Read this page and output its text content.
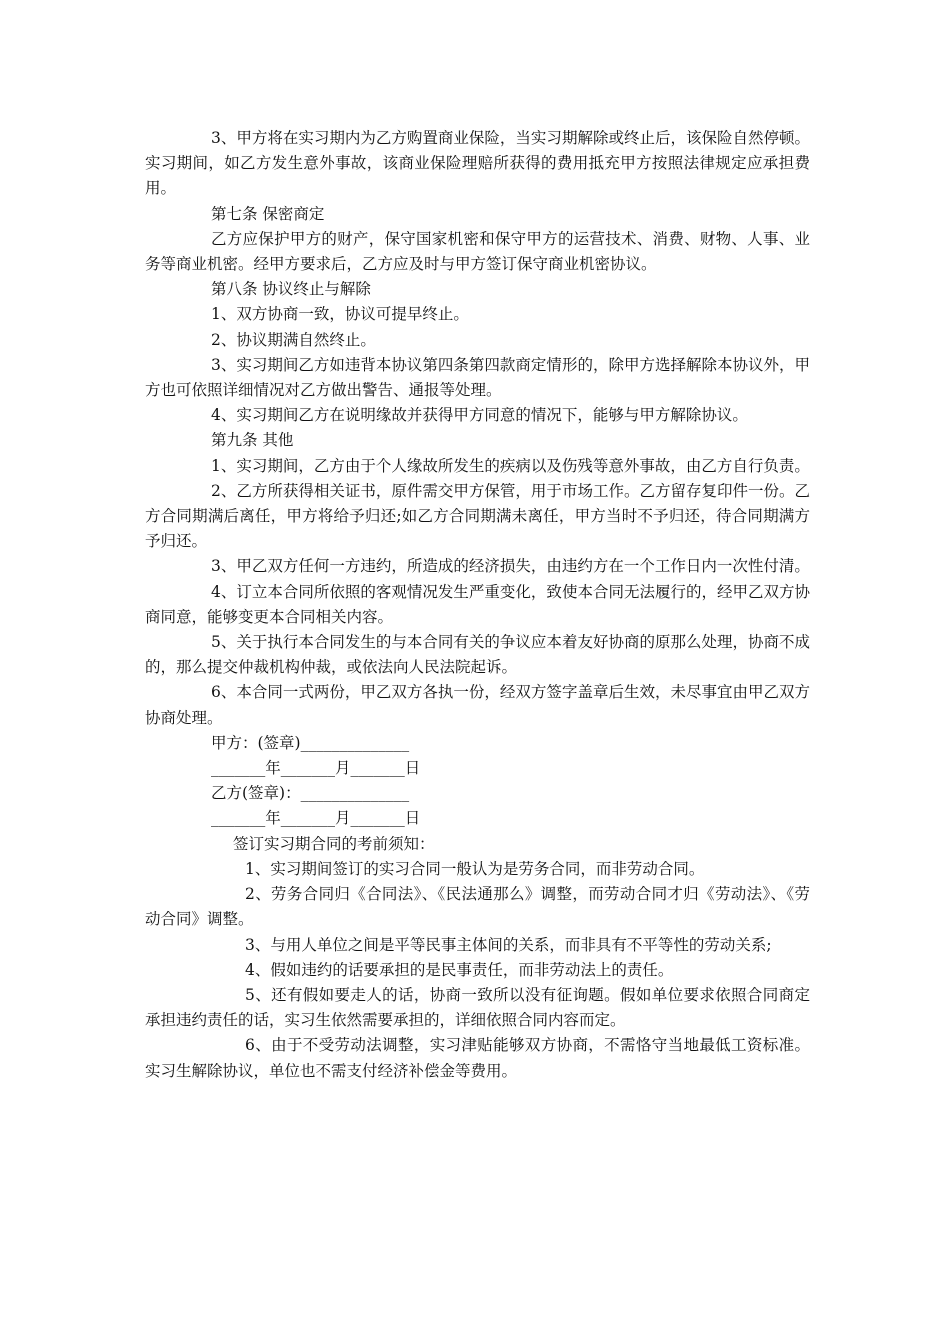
3、甲方将在实习期内为乙方购置商业保险，当实习期解除或终止后，该保险自然停顿。实习期间，如乙方发生意外事故，该商业保险理赔所获得的费用抵充甲方按照法律规定应承担费用。

第七条 保密商定

乙方应保护甲方的财产，保守国家机密和保守甲方的运营技术、消费、财物、人事、业务等商业机密。经甲方要求后，乙方应及时与甲方签订保守商业机密协议。

第八条 协议终止与解除

1、双方协商一致，协议可提早终止。

2、协议期满自然终止。

3、实习期间乙方如违背本协议第四条第四款商定情形的，除甲方选择解除本协议外，甲方也可依照详细情况对乙方做出警告、通报等处理。

4、实习期间乙方在说明缘故并获得甲方同意的情况下，能够与甲方解除协议。

第九条 其他

1、实习期间，乙方由于个人缘故所发生的疾病以及伤残等意外事故，由乙方自行负责。

2、乙方所获得相关证书，原件需交甲方保管，用于市场工作。乙方留存复印件一份。乙方合同期满后离任，甲方将给予归还;如乙方合同期满未离任，甲方当时不予归还，待合同期满方予归还。

3、甲乙双方任何一方违约，所造成的经济损失，由违约方在一个工作日内一次性付清。

4、订立本合同所依照的客观情况发生严重变化，致使本合同无法履行的，经甲乙双方协商同意，能够变更本合同相关内容。

5、关于执行本合同发生的与本合同有关的争议应本着友好协商的原那么处理，协商不成的，那么提交仲裁机构仲裁，或依法向人民法院起诉。

6、本合同一式两份，甲乙双方各执一份，经双方签字盖章后生效，未尽事宜由甲乙双方协商处理。

甲方：(签章)______________

_______年_______月_______日

乙方(签章)：______________

_______年_______月_______日

签订实习期合同的考前须知：

1、实习期间签订的实习合同一般认为是劳务合同，而非劳动合同。

2、劳务合同归《合同法》、《民法通那么》调整，而劳动合同才归《劳动法》、《劳动合同》调整。

3、与用人单位之间是平等民事主体间的关系，而非具有不平等性的劳动关系;

4、假如违约的话要承担的是民事责任，而非劳动法上的责任。

5、还有假如要走人的话，协商一致所以没有征询题。假如单位要求依照合同商定承担违约责任的话，实习生依然需要承担的，详细依照合同内容而定。

6、由于不受劳动法调整，实习津贴能够双方协商，不需恪守当地最低工资标准。实习生解除协议，单位也不需支付经济补偿金等费用。
